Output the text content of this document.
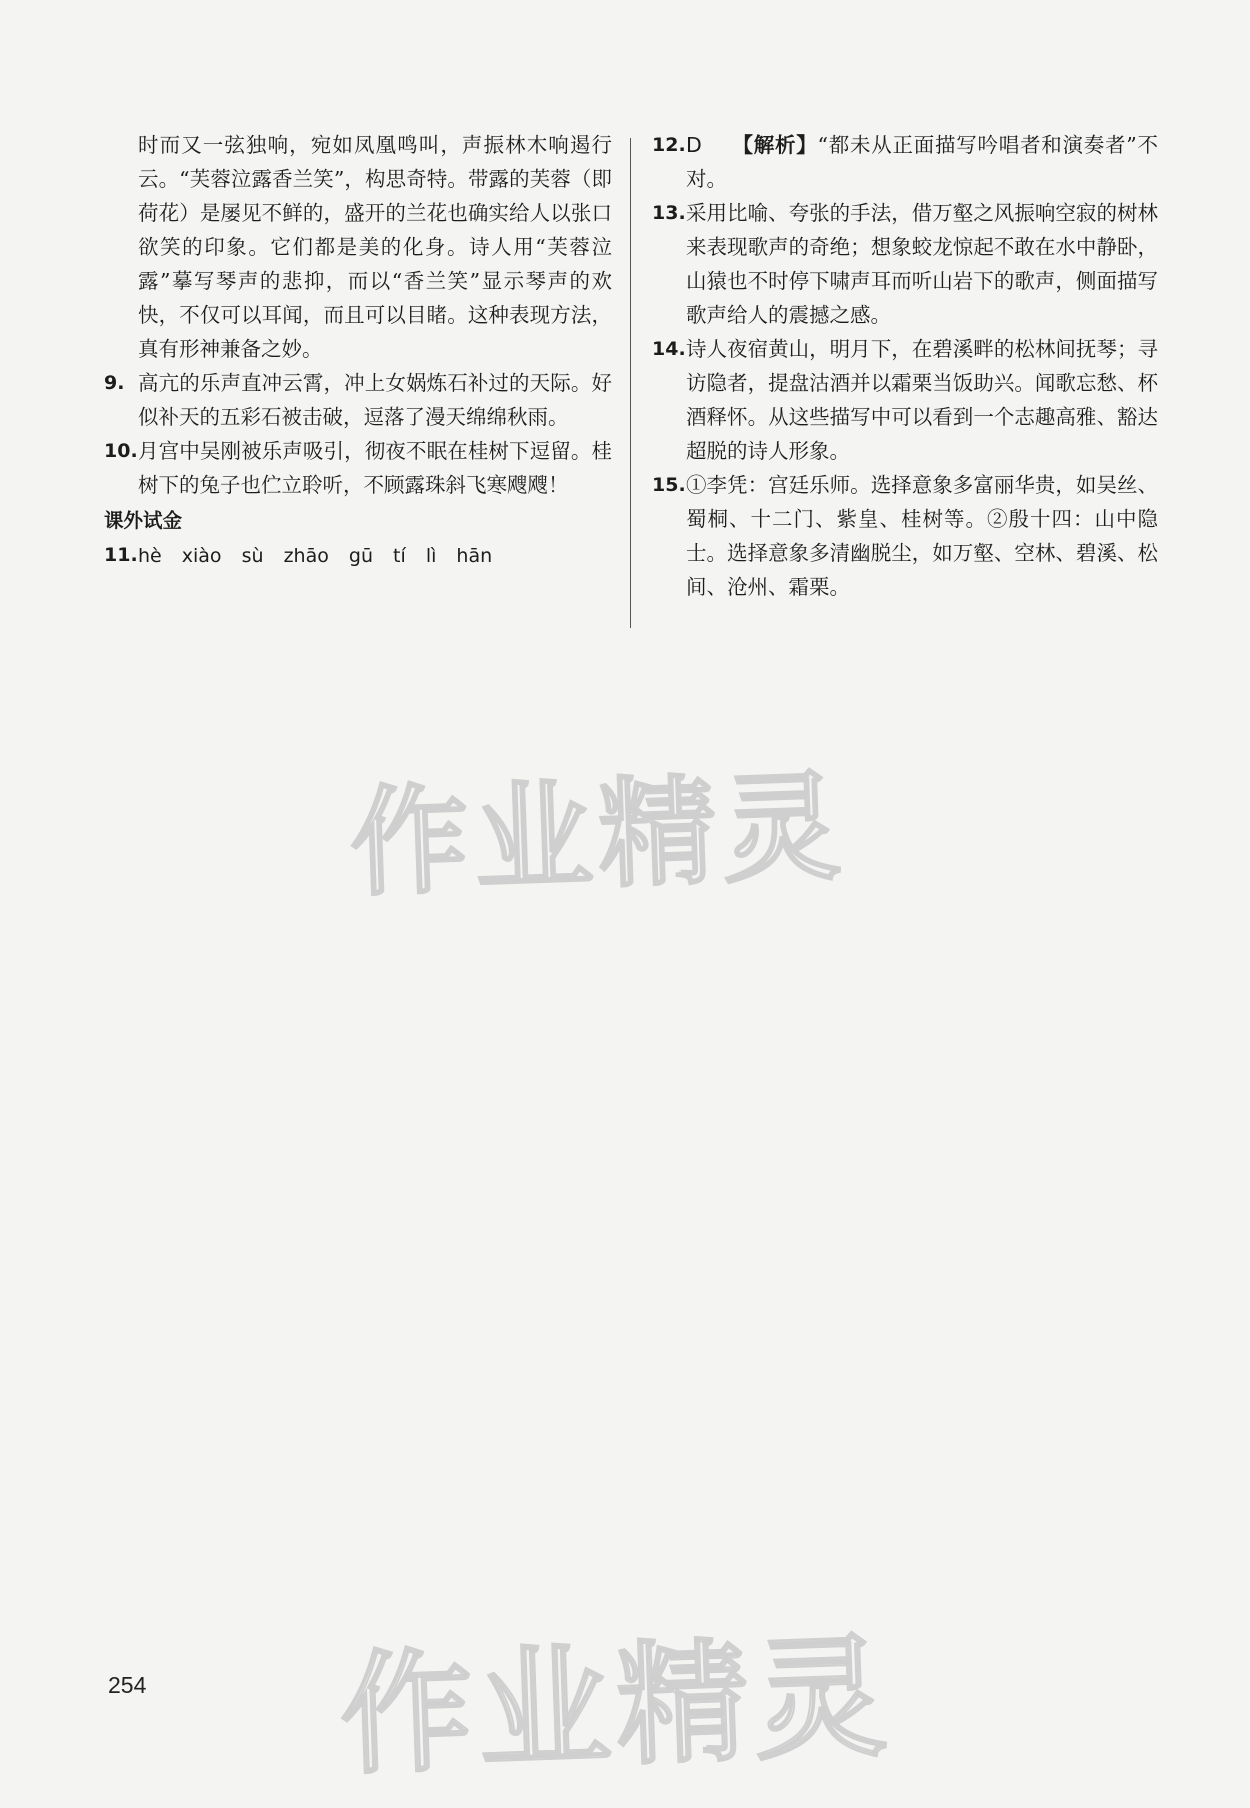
时而又一弦独响，宛如凤凰鸣叫，声振林木响遏行云。“芙蓉泣露香兰笑”，构思奇特。带露的芙蓉（即荷花）是屡见不鲜的，盛开的兰花也确实给人以张口欲笑的印象。它们都是美的化身。诗人用“芙蓉泣露”摹写琴声的悲抑，而以“香兰笑”显示琴声的欢快，不仅可以耳闻，而且可以目睹。这种表现方法，真有形神兼备之妙。
9. 高亢的乐声直冲云霄，冲上女娲炼石补过的天际。好似补天的五彩石被击破，逗落了漫天绵绵秋雨。
10. 月宫中吴刚被乐声吸引，彻夜不眠在桂树下逗留。桂树下的兔子也伫立聆听，不顾露珠斜飞寒飕飕！
课外试金
11. hè xiào sù zhāo gū tí lì hān
12. D 【解析】“都未从正面描写吟唱者和演奏者”不对。
13. 采用比喻、夸张的手法，借万壑之风振响空寂的树林来表现歌声的奇绝；想象蛟龙惊起不敢在水中静卧，山猿也不时停下啸声耳而听山岩下的歌声，侧面描写歌声给人的震撼之感。
14. 诗人夜宿黄山，明月下，在碧溪畔的松林间抚琴；寻访隐者，提盘沽酒并以霜栗当饭助兴。闻歌忘愁、杯酒释怀。从这些描写中可以看到一个志趣高雅、豁达超脱的诗人形象。
15. ①李凭：宫廷乐师。选择意象多富丽华贵，如吴丝、蜀桐、十二门、紫皇、桂树等。②殷十四：山中隐士。选择意象多清幽脱尘，如万壑、空林、碧溪、松间、沧州、霜栗。
作业精灵
作业精灵
254
